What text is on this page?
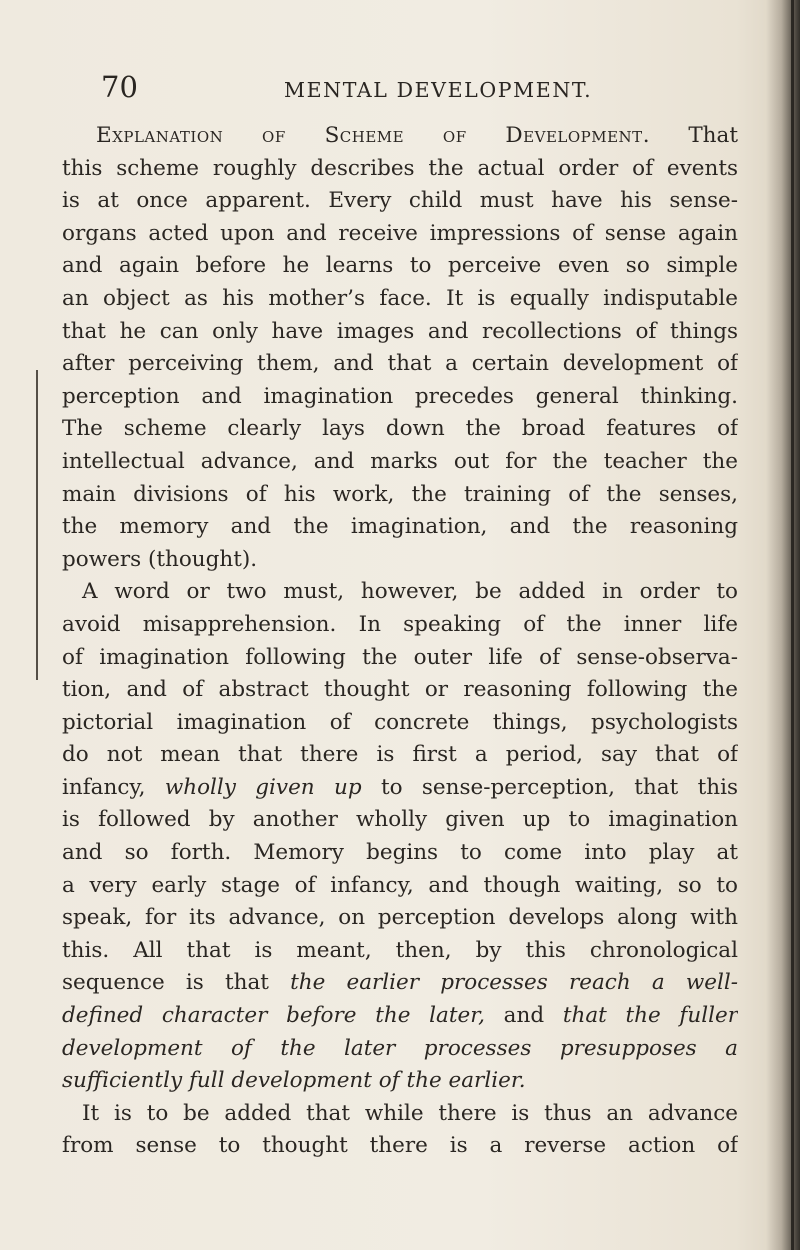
70	MENTAL DEVELOPMENT.
Explanation of Scheme of Development. That
this scheme roughly describes the actual order of events
is at once apparent. Every child must have his sense-
organs acted upon and receive impressions of sense again
and again before he learns to perceive even so simple
an object as his mother’s face. It is equally indisputable
that he can only have images and recollections of things
after perceiving them, and that a certain development of
perception and imagination precedes general thinking.
The scheme clearly lays down the broad features of
intellectual advance, and marks out for the teacher the
main divisions of his work, the training of the senses,
the memory and the imagination, and the reasoning
powers (thought).
A word or two must, however, be added in order to
avoid misapprehension. In speaking of the inner life
of imagination following the outer life of sense-observa-
tion, and of abstract thought or reasoning following the
pictorial imagination of concrete things, psychologists
do not mean that there is first a period, say that of
infancy, wholly given up to sense-perception, that this
is followed by another wholly given up to imagination
and so forth. Memory begins to come into play at
a very early stage of infancy, and though waiting, so to
speak, for its advance, on perception develops along with
this. All that is meant, then, by this chronological
sequence is that the earlier processes reach a well-
defined character before the later, and that the fuller
development of the later processes presupposes a
sufficiently full development of the earlier.
It is to be added that while there is thus an advance
from sense to thought there is a reverse action of
